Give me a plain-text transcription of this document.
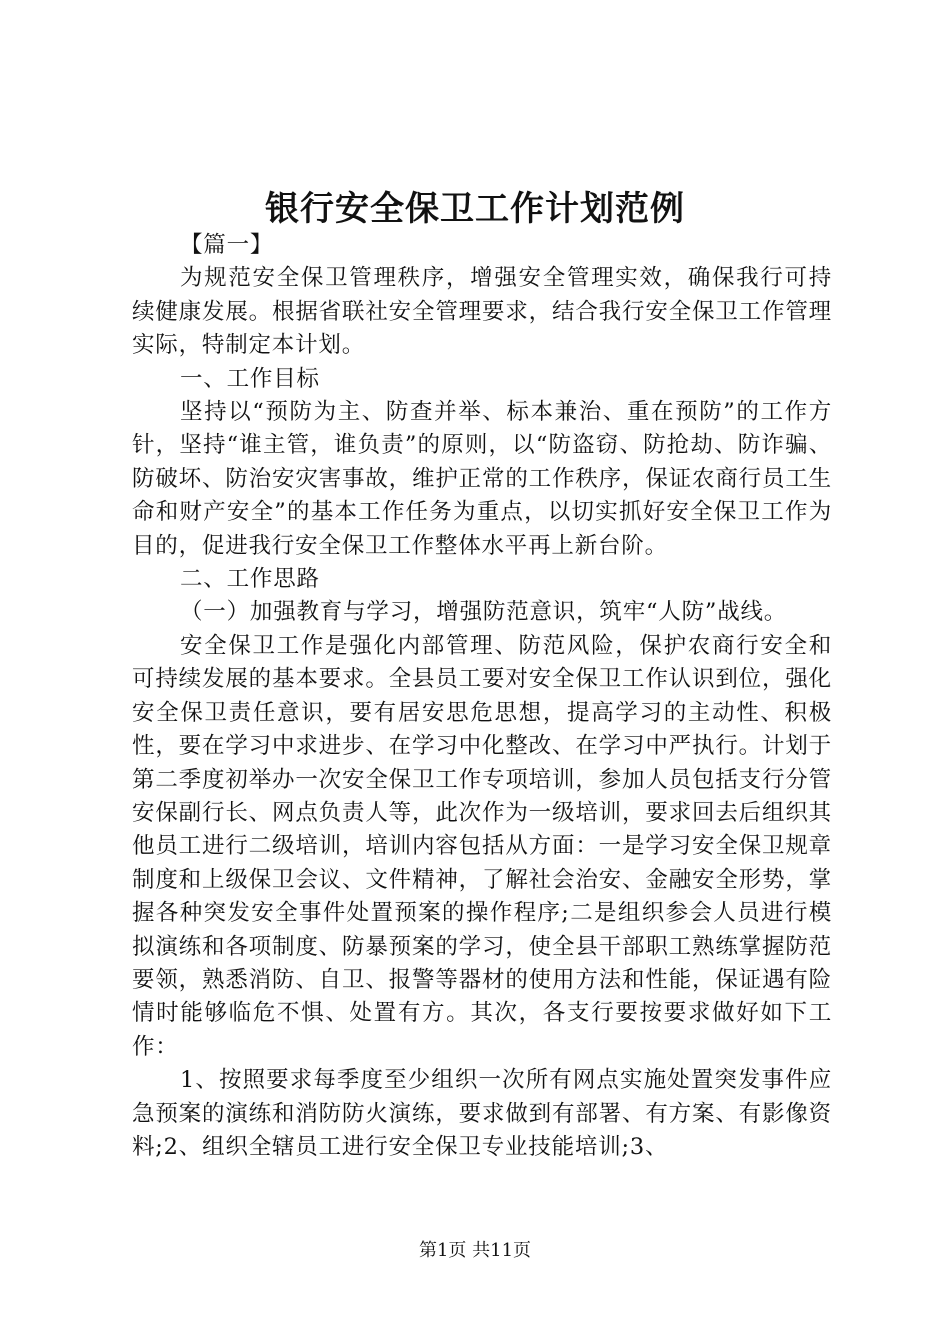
银行安全保卫工作计划范例

【篇一】

为规范安全保卫管理秩序，增强安全管理实效，确保我行可持续健康发展。根据省联社安全管理要求，结合我行安全保卫工作管理实际，特制定本计划。

一、工作目标

坚持以“预防为主、防查并举、标本兼治、重在预防”的工作方针，坚持“谁主管，谁负责”的原则，以“防盗窃、防抢劫、防诈骗、防破坏、防治安灾害事故，维护正常的工作秩序，保证农商行员工生命和财产安全”的基本工作任务为重点，以切实抓好安全保卫工作为目的，促进我行安全保卫工作整体水平再上新台阶。

二、工作思路

（一）加强教育与学习，增强防范意识，筑牢“人防”战线。

安全保卫工作是强化内部管理、防范风险，保护农商行安全和可持续发展的基本要求。全县员工要对安全保卫工作认识到位，强化安全保卫责任意识，要有居安思危思想，提高学习的主动性、积极性，要在学习中求进步、在学习中化整改、在学习中严执行。计划于第二季度初举办一次安全保卫工作专项培训，参加人员包括支行分管安保副行长、网点负责人等，此次作为一级培训，要求回去后组织其他员工进行二级培训，培训内容包括从方面：一是学习安全保卫规章制度和上级保卫会议、文件精神，了解社会治安、金融安全形势，掌握各种突发安全事件处置预案的操作程序;二是组织参会人员进行模拟演练和各项制度、防暴预案的学习，使全县干部职工熟练掌握防范要领，熟悉消防、自卫、报警等器材的使用方法和性能，保证遇有险情时能够临危不惧、处置有方。其次，各支行要按要求做好如下工作：

1、按照要求每季度至少组织一次所有网点实施处置突发事件应急预案的演练和消防防火演练，要求做到有部署、有方案、有影像资料;2、组织全辖员工进行安全保卫专业技能培训;3、

第1页 共11页
